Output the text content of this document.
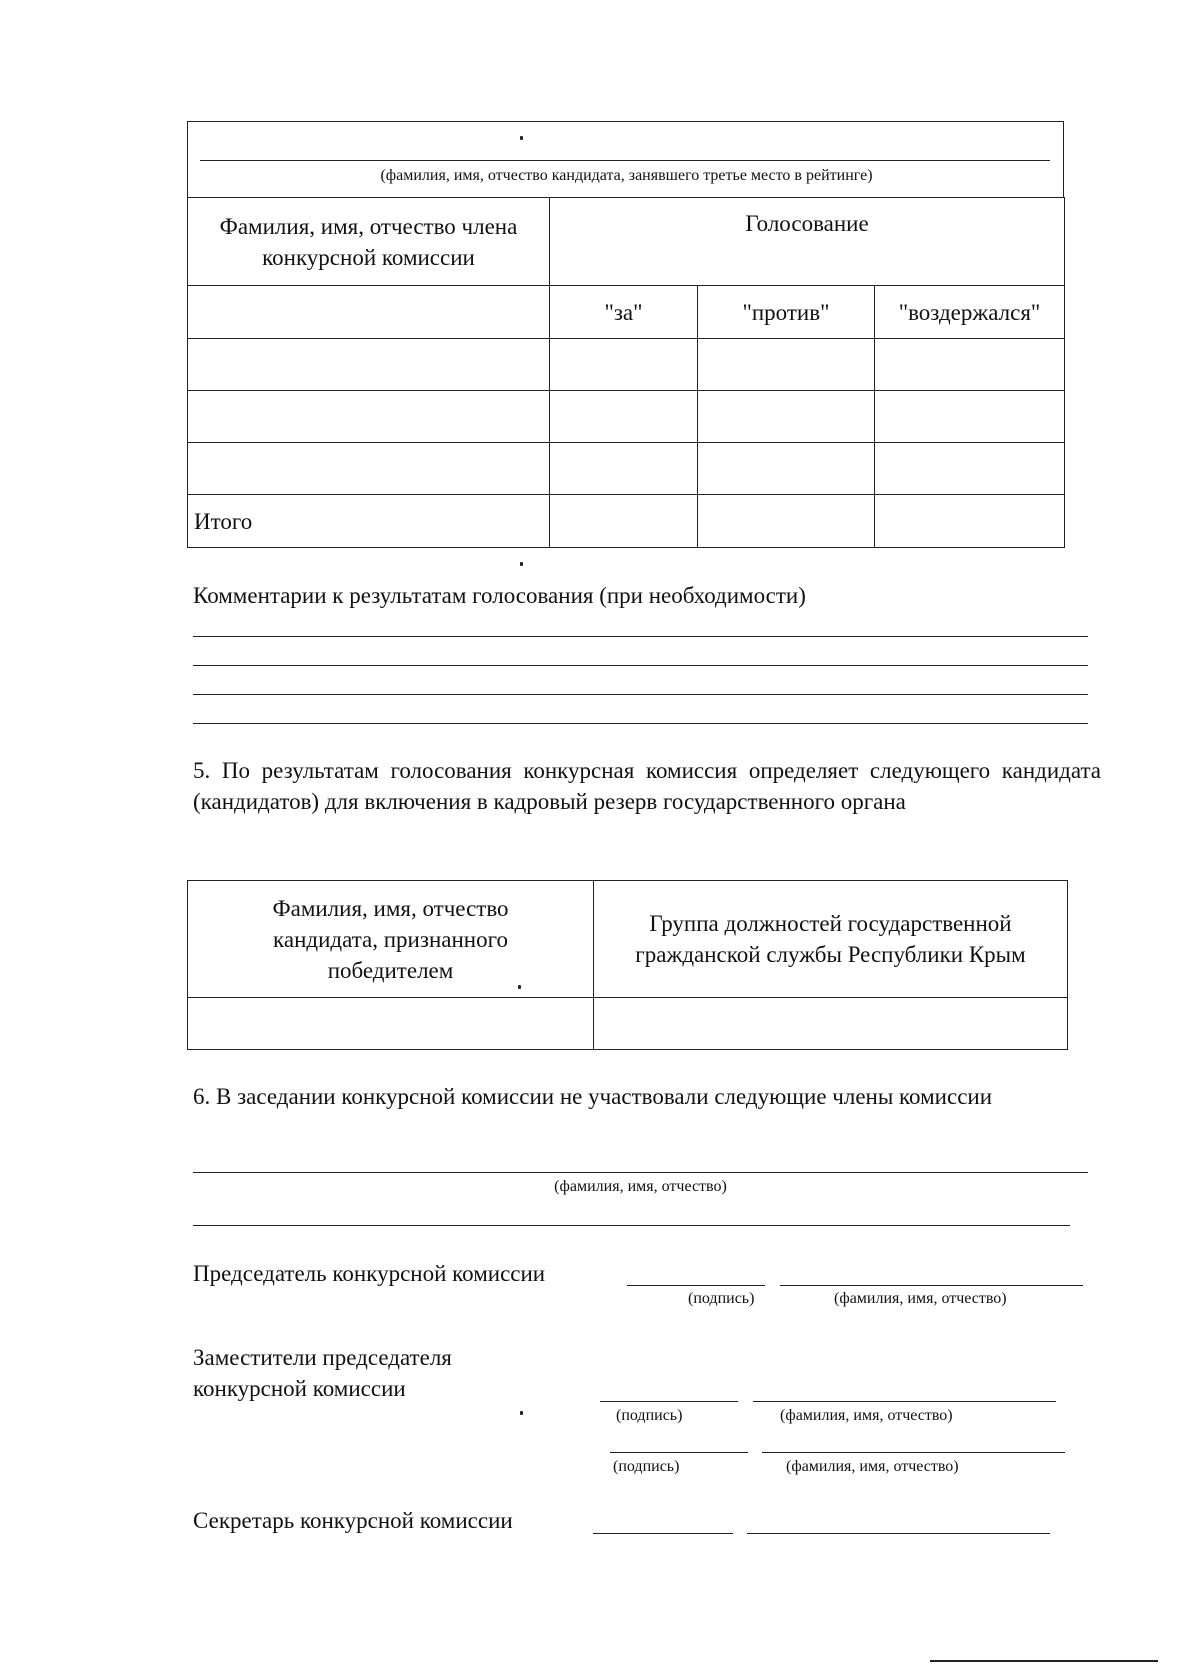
(фамилия, имя, отчество кандидата, занявшего третье место в рейтинге)
Фамилия, имя, отчество члена конкурсной комиссии	Голосование		
	"за"	"против"	"воздержался"

Итого			
Комментарии к результатам голосования (при необходимости)
5. По результатам голосования конкурсная комиссия определяет следующего кандидата (кандидатов) для включения в кадровый резерв государственного органа
Фамилия, имя, отчество кандидата, признанного победителем	Группа должностей государственной гражданской службы Республики Крым

6. В заседании конкурсной комиссии не участвовали следующие члены комиссии
(фамилия, имя, отчество)
Председатель конкурсной комиссии
(подпись)	(фамилия, имя, отчество)
Заместители председателя конкурсной комиссии
(подпись)	(фамилия, имя, отчество)
(подпись)	(фамилия, имя, отчество)
Секретарь конкурсной комиссии
